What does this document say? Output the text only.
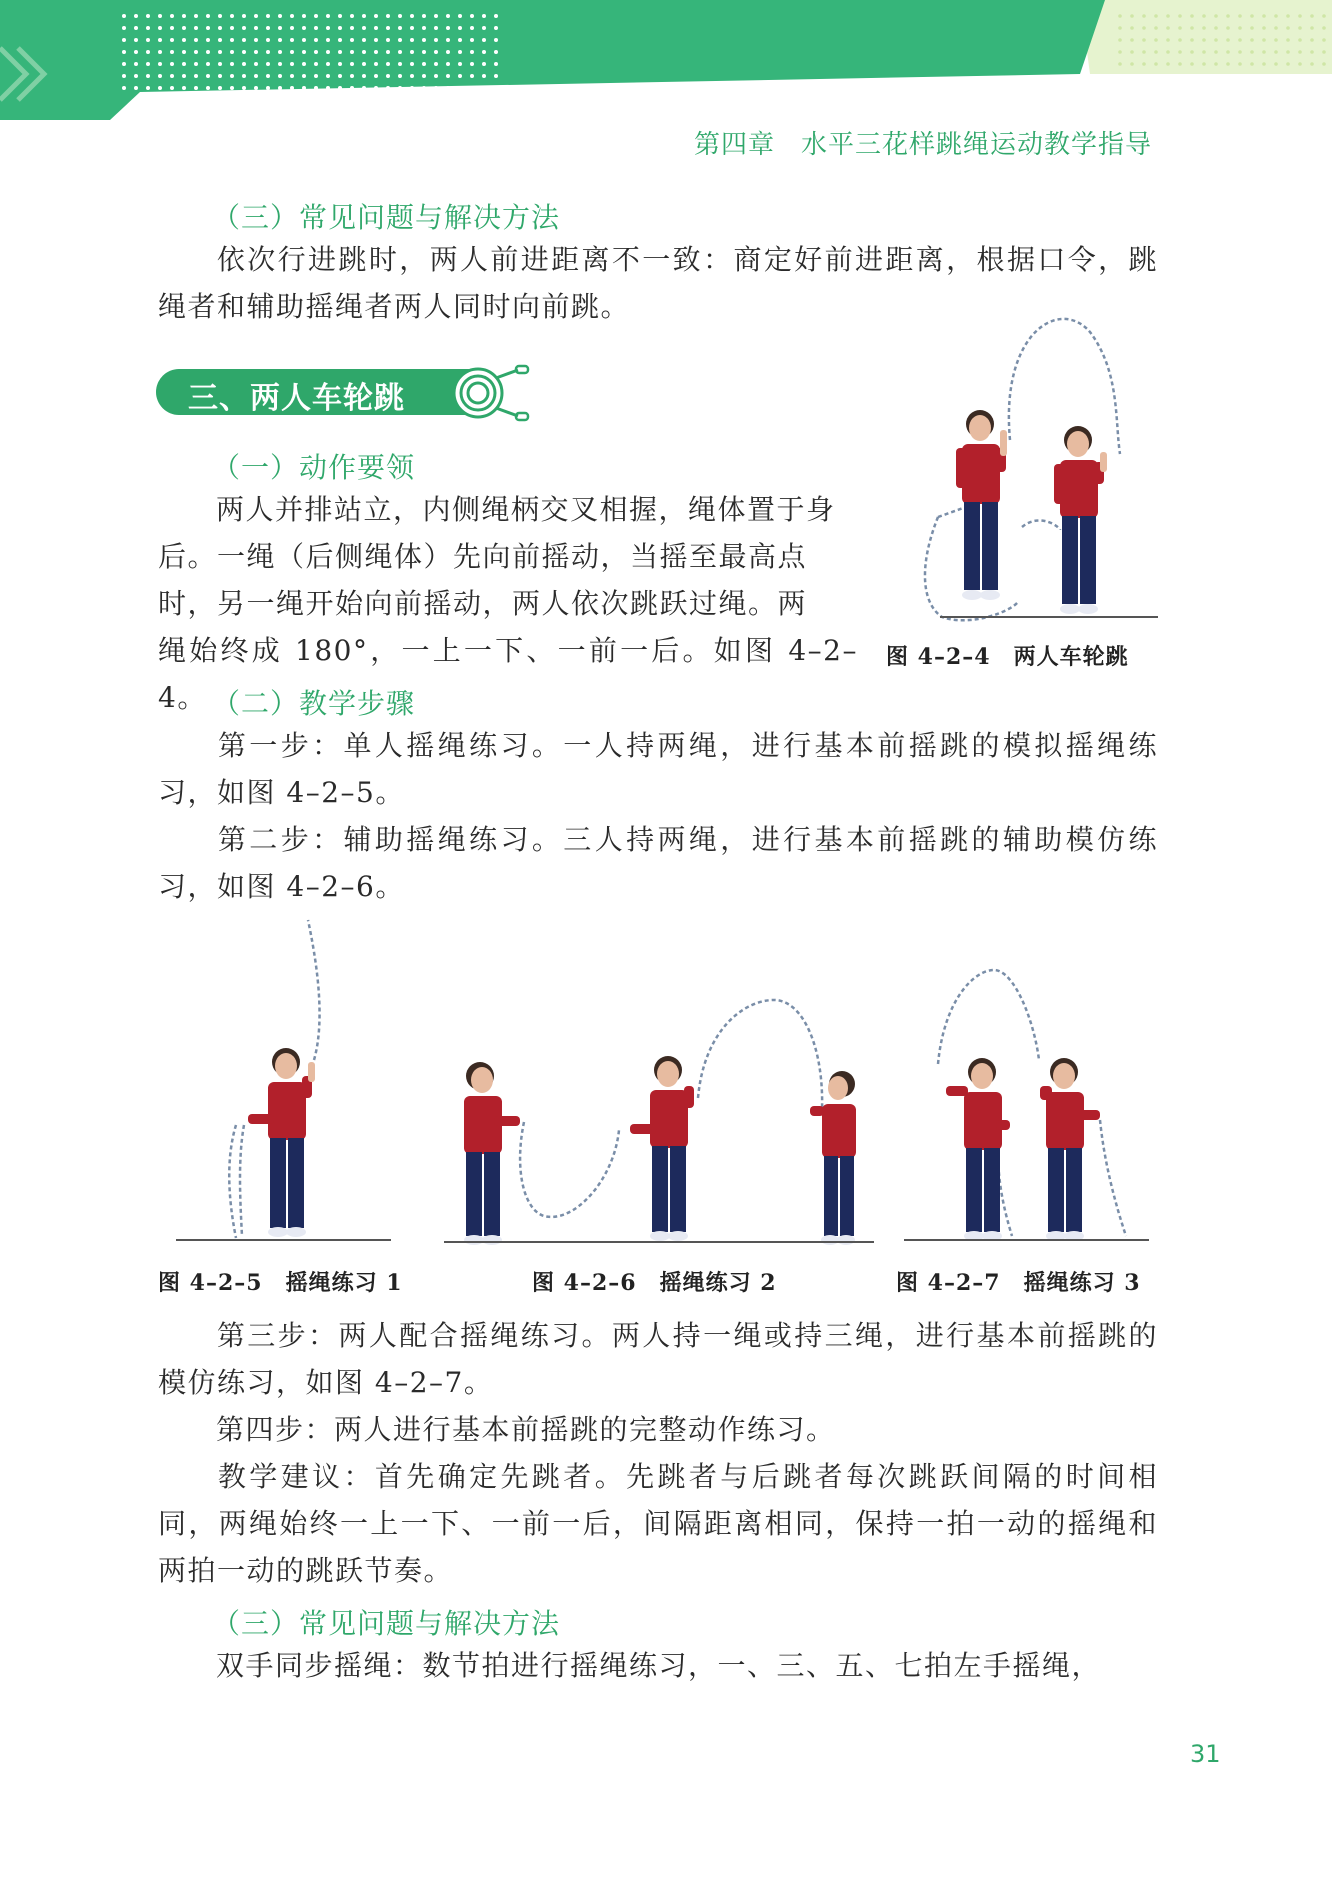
第四章 水平三花样跳绳运动教学指导
（三）常见问题与解决方法
依次行进跳时，两人前进距离不一致：商定好前进距离，根据口令，跳绳者和辅助摇绳者两人同时向前跳。
三、两人车轮跳
（一）动作要领
两人并排站立，内侧绳柄交叉相握，绳体置于身
后。一绳（后侧绳体）先向前摇动，当摇至最高点
时，另一绳开始向前摇动，两人依次跳跃过绳。两
绳始终成 180°，一上一下、一前一后。如图 4–2–4。
图 4–2–4　两人车轮跳
（二）教学步骤
第一步：单人摇绳练习。一人持两绳，进行基本前摇跳的模拟摇绳练习，如图 4–2–5。
第二步：辅助摇绳练习。三人持两绳，进行基本前摇跳的辅助模仿练习，如图 4–2–6。
图 4–2–5　摇绳练习 1	图 4–2–6　摇绳练习 2	图 4–2–7　摇绳练习 3
第三步：两人配合摇绳练习。两人持一绳或持三绳，进行基本前摇跳的模仿练习，如图 4–2–7。
第四步：两人进行基本前摇跳的完整动作练习。
教学建议：首先确定先跳者。先跳者与后跳者每次跳跃间隔的时间相同，两绳始终一上一下、一前一后，间隔距离相同，保持一拍一动的摇绳和两拍一动的跳跃节奏。
（三）常见问题与解决方法
双手同步摇绳：数节拍进行摇绳练习，一、三、五、七拍左手摇绳，
31
